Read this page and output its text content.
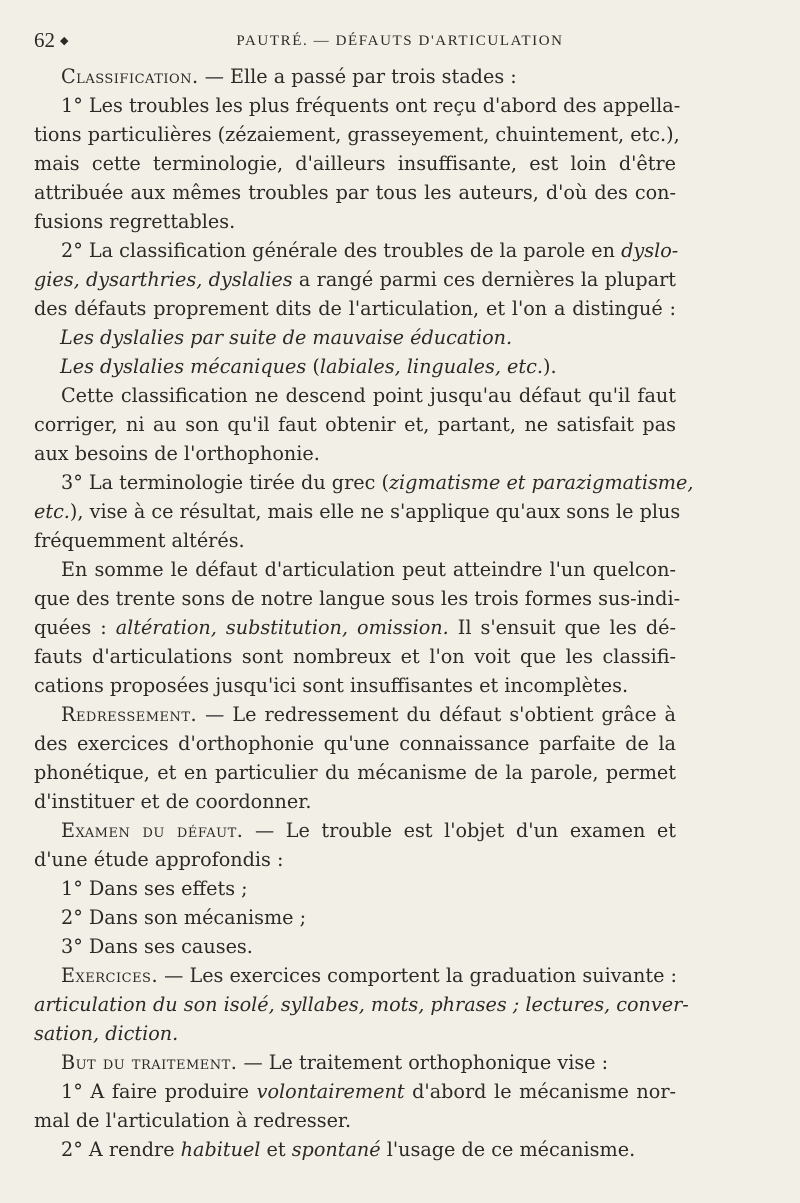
62 ◆	PAUTRÉ. — DÉFAUTS D'ARTICULATION
Classification. — Elle a passé par trois stades :
1° Les troubles les plus fréquents ont reçu d'abord des appella-
tions particulières (zézaiement, grasseyement, chuintement, etc.),
mais cette terminologie, d'ailleurs insuffisante, est loin d'être
attribuée aux mêmes troubles par tous les auteurs, d'où des con-
fusions regrettables.
2° La classification générale des troubles de la parole en dyslo-
gies, dysarthries, dyslalies a rangé parmi ces dernières la plupart
des défauts proprement dits de l'articulation, et l'on a distingué :
Les dyslalies par suite de mauvaise éducation.
Les dyslalies mécaniques (labiales, linguales, etc.).
Cette classification ne descend point jusqu'au défaut qu'il faut
corriger, ni au son qu'il faut obtenir et, partant, ne satisfait pas
aux besoins de l'orthophonie.
3° La terminologie tirée du grec (zigmatisme et parazigmatisme,
etc.), vise à ce résultat, mais elle ne s'applique qu'aux sons le plus
fréquemment altérés.
En somme le défaut d'articulation peut atteindre l'un quelcon-
que des trente sons de notre langue sous les trois formes sus-indi-
quées : altération, substitution, omission. Il s'ensuit que les dé-
fauts d'articulations sont nombreux et l'on voit que les classifi-
cations proposées jusqu'ici sont insuffisantes et incomplètes.
Redressement. — Le redressement du défaut s'obtient grâce à
des exercices d'orthophonie qu'une connaissance parfaite de la
phonétique, et en particulier du mécanisme de la parole, permet
d'instituer et de coordonner.
Examen du défaut. — Le trouble est l'objet d'un examen et
d'une étude approfondis :
1° Dans ses effets ;
2° Dans son mécanisme ;
3° Dans ses causes.
Exercices. — Les exercices comportent la graduation suivante :
articulation du son isolé, syllabes, mots, phrases ; lectures, conver-
sation, diction.
But du traitement. — Le traitement orthophonique vise :
1° A faire produire volontairement d'abord le mécanisme nor-
mal de l'articulation à redresser.
2° A rendre habituel et spontané l'usage de ce mécanisme.
